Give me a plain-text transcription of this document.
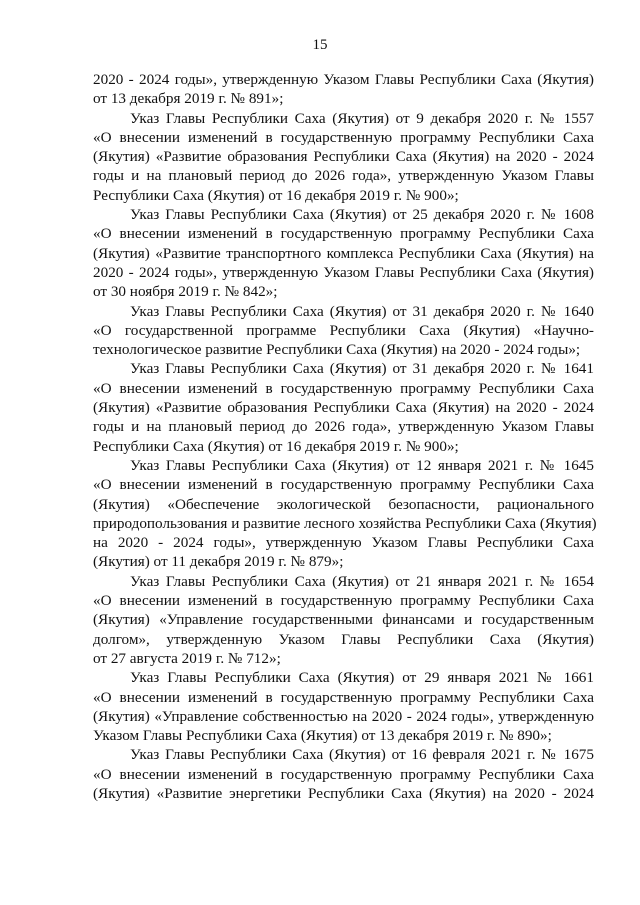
15
2020 - 2024 годы», утвержденную Указом Главы Республики Саха (Якутия)
от 13 декабря 2019 г. № 891»;
Указ Главы Республики Саха (Якутия) от 9 декабря 2020 г. № 1557
«О внесении изменений в государственную программу Республики Саха
(Якутия) «Развитие образования Республики Саха (Якутия) на 2020 - 2024
годы и на плановый период до 2026 года», утвержденную Указом Главы
Республики Саха (Якутия) от 16 декабря 2019 г. № 900»;
Указ Главы Республики Саха (Якутия) от 25 декабря 2020 г. № 1608
«О внесении изменений в государственную программу Республики Саха
(Якутия) «Развитие транспортного комплекса Республики Саха (Якутия) на
2020 - 2024 годы», утвержденную Указом Главы Республики Саха (Якутия)
от 30 ноября 2019 г. № 842»;
Указ Главы Республики Саха (Якутия) от 31 декабря 2020 г. № 1640
«О государственной программе Республики Саха (Якутия) «Научно-
технологическое развитие Республики Саха (Якутия) на 2020 - 2024 годы»;
Указ Главы Республики Саха (Якутия) от 31 декабря 2020 г. № 1641
«О внесении изменений в государственную программу Республики Саха
(Якутия) «Развитие образования Республики Саха (Якутия) на 2020 - 2024
годы и на плановый период до 2026 года», утвержденную Указом Главы
Республики Саха (Якутия) от 16 декабря 2019 г. № 900»;
Указ Главы Республики Саха (Якутия) от 12 января 2021 г. № 1645
«О внесении изменений в государственную программу Республики Саха
(Якутия) «Обеспечение экологической безопасности, рационального
природопользования и развитие лесного хозяйства Республики Саха (Якутия)
на 2020 - 2024 годы», утвержденную Указом Главы Республики Саха
(Якутия) от 11 декабря 2019 г. № 879»;
Указ Главы Республики Саха (Якутия) от 21 января 2021 г. № 1654
«О внесении изменений в государственную программу Республики Саха
(Якутия) «Управление государственными финансами и государственным
долгом», утвержденную Указом Главы Республики Саха (Якутия)
от 27 августа 2019 г. № 712»;
Указ Главы Республики Саха (Якутия) от 29 января 2021 № 1661
«О внесении изменений в государственную программу Республики Саха
(Якутия) «Управление собственностью на 2020 - 2024 годы», утвержденную
Указом Главы Республики Саха (Якутия) от 13 декабря 2019 г. № 890»;
Указ Главы Республики Саха (Якутия) от 16 февраля 2021 г. № 1675
«О внесении изменений в государственную программу Республики Саха
(Якутия) «Развитие энергетики Республики Саха (Якутия) на 2020 - 2024
